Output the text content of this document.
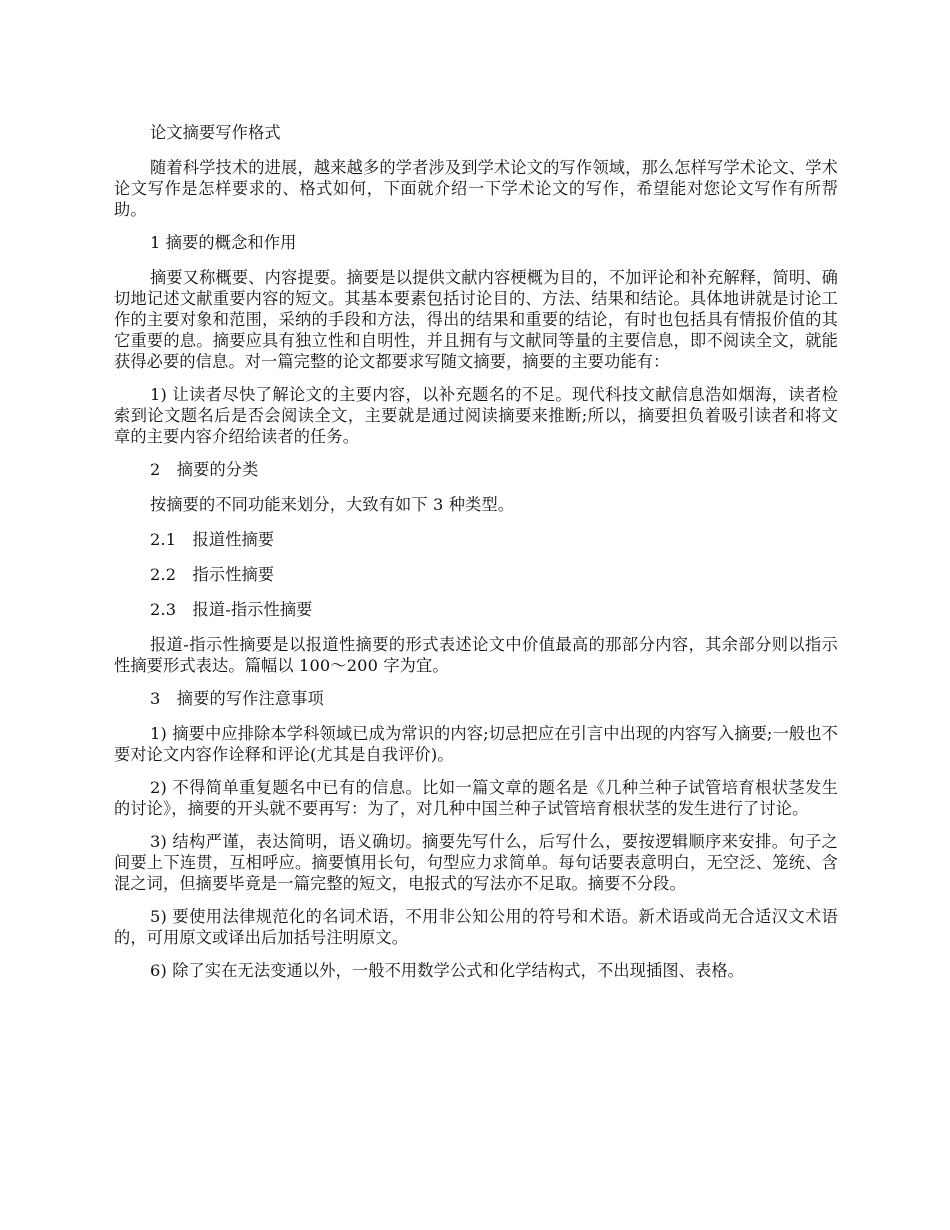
论文摘要写作格式

随着科学技术的进展，越来越多的学者涉及到学术论文的写作领域，那么怎样写学术论文、学术论文写作是怎样要求的、格式如何，下面就介绍一下学术论文的写作，希望能对您论文写作有所帮助。

1 摘要的概念和作用

摘要又称概要、内容提要。摘要是以提供文献内容梗概为目的，不加评论和补充解释，简明、确切地记述文献重要内容的短文。其基本要素包括讨论目的、方法、结果和结论。具体地讲就是讨论工作的主要对象和范围，采纳的手段和方法，得出的结果和重要的结论，有时也包括具有情报价值的其它重要的息。摘要应具有独立性和自明性，并且拥有与文献同等量的主要信息，即不阅读全文，就能获得必要的信息。对一篇完整的论文都要求写随文摘要，摘要的主要功能有：

1) 让读者尽快了解论文的主要内容，以补充题名的不足。现代科技文献信息浩如烟海，读者检索到论文题名后是否会阅读全文，主要就是通过阅读摘要来推断;所以，摘要担负着吸引读者和将文章的主要内容介绍给读者的任务。

2　摘要的分类

按摘要的不同功能来划分，大致有如下 3 种类型。

2.1　报道性摘要

2.2　指示性摘要

2.3　报道-指示性摘要

报道-指示性摘要是以报道性摘要的形式表述论文中价值最高的那部分内容，其余部分则以指示性摘要形式表达。篇幅以 100～200 字为宜。

3　摘要的写作注意事项

1) 摘要中应排除本学科领域已成为常识的内容;切忌把应在引言中出现的内容写入摘要;一般也不要对论文内容作诠释和评论(尤其是自我评价)。

2) 不得简单重复题名中已有的信息。比如一篇文章的题名是《几种兰种子试管培育根状茎发生的讨论》，摘要的开头就不要再写：为了，对几种中国兰种子试管培育根状茎的发生进行了讨论。

3) 结构严谨，表达简明，语义确切。摘要先写什么，后写什么，要按逻辑顺序来安排。句子之间要上下连贯，互相呼应。摘要慎用长句，句型应力求简单。每句话要表意明白，无空泛、笼统、含混之词，但摘要毕竟是一篇完整的短文，电报式的写法亦不足取。摘要不分段。

5) 要使用法律规范化的名词术语，不用非公知公用的符号和术语。新术语或尚无合适汉文术语的，可用原文或译出后加括号注明原文。

6) 除了实在无法变通以外，一般不用数学公式和化学结构式，不出现插图、表格。
